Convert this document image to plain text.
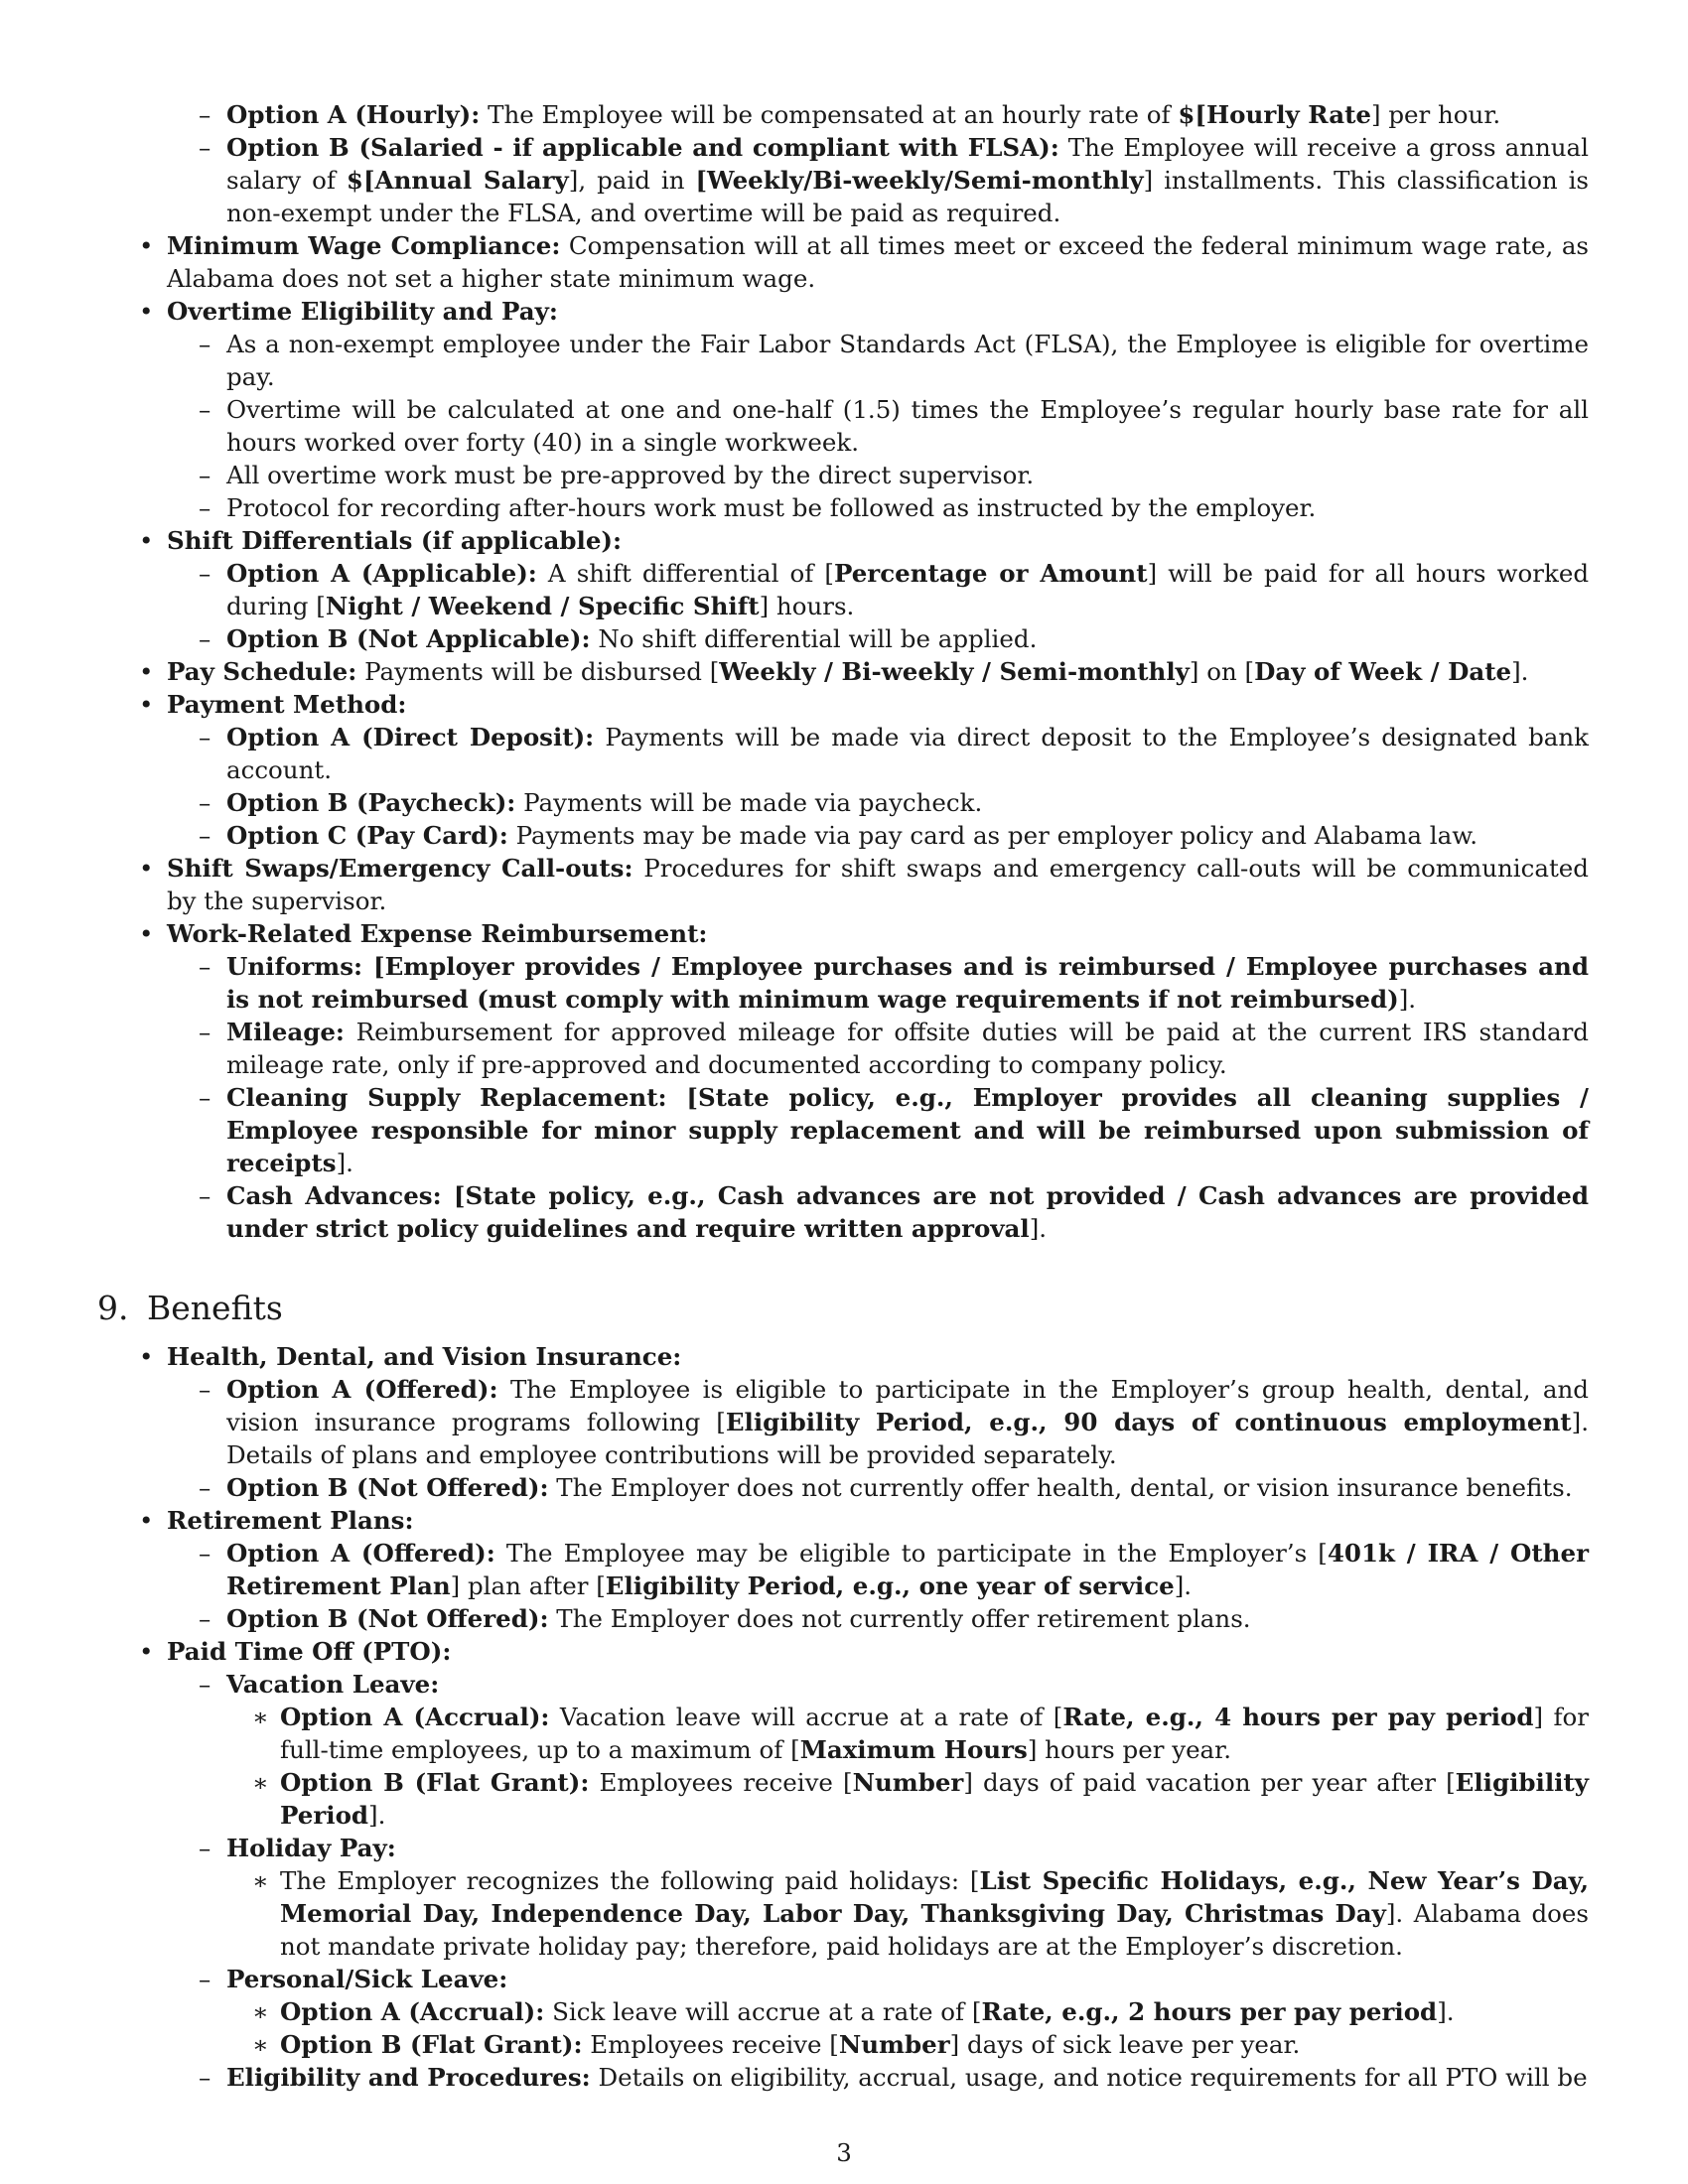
– Option A (Hourly): The Employee will be compensated at an hourly rate of $[Hourly Rate] per hour.
– Option B (Salaried - if applicable and compliant with FLSA): The Employee will receive a gross annual salary of $[Annual Salary], paid in [Weekly/Bi-weekly/Semi-monthly] installments. This classification is non-exempt under the FLSA, and overtime will be paid as required.
• Minimum Wage Compliance: Compensation will at all times meet or exceed the federal minimum wage rate, as Alabama does not set a higher state minimum wage.
• Overtime Eligibility and Pay:
– As a non-exempt employee under the Fair Labor Standards Act (FLSA), the Employee is eligible for overtime pay.
– Overtime will be calculated at one and one-half (1.5) times the Employee’s regular hourly base rate for all hours worked over forty (40) in a single workweek.
– All overtime work must be pre-approved by the direct supervisor.
– Protocol for recording after-hours work must be followed as instructed by the employer.
• Shift Differentials (if applicable):
– Option A (Applicable): A shift differential of [Percentage or Amount] will be paid for all hours worked during [Night / Weekend / Specific Shift] hours.
– Option B (Not Applicable): No shift differential will be applied.
• Pay Schedule: Payments will be disbursed [Weekly / Bi-weekly / Semi-monthly] on [Day of Week / Date].
• Payment Method:
– Option A (Direct Deposit): Payments will be made via direct deposit to the Employee’s designated bank account.
– Option B (Paycheck): Payments will be made via paycheck.
– Option C (Pay Card): Payments may be made via pay card as per employer policy and Alabama law.
• Shift Swaps/Emergency Call-outs: Procedures for shift swaps and emergency call-outs will be communicated by the supervisor.
• Work-Related Expense Reimbursement:
– Uniforms: [Employer provides / Employee purchases and is reimbursed / Employee purchases and is not reimbursed (must comply with minimum wage requirements if not reimbursed)].
– Mileage: Reimbursement for approved mileage for offsite duties will be paid at the current IRS standard mileage rate, only if pre-approved and documented according to company policy.
– Cleaning Supply Replacement: [State policy, e.g., Employer provides all cleaning supplies / Employee responsible for minor supply replacement and will be reimbursed upon submission of receipts].
– Cash Advances: [State policy, e.g., Cash advances are not provided / Cash advances are provided under strict policy guidelines and require written approval].
9. Benefits
• Health, Dental, and Vision Insurance:
– Option A (Offered): The Employee is eligible to participate in the Employer’s group health, dental, and vision insurance programs following [Eligibility Period, e.g., 90 days of continuous employment]. Details of plans and employee contributions will be provided separately.
– Option B (Not Offered): The Employer does not currently offer health, dental, or vision insurance benefits.
• Retirement Plans:
– Option A (Offered): The Employee may be eligible to participate in the Employer’s [401k / IRA / Other Retirement Plan] plan after [Eligibility Period, e.g., one year of service].
– Option B (Not Offered): The Employer does not currently offer retirement plans.
• Paid Time Off (PTO):
– Vacation Leave:
∗ Option A (Accrual): Vacation leave will accrue at a rate of [Rate, e.g., 4 hours per pay period] for full-time employees, up to a maximum of [Maximum Hours] hours per year.
∗ Option B (Flat Grant): Employees receive [Number] days of paid vacation per year after [Eligibility Period].
– Holiday Pay:
∗ The Employer recognizes the following paid holidays: [List Specific Holidays, e.g., New Year’s Day, Memorial Day, Independence Day, Labor Day, Thanksgiving Day, Christmas Day]. Alabama does not mandate private holiday pay; therefore, paid holidays are at the Employer’s discretion.
– Personal/Sick Leave:
∗ Option A (Accrual): Sick leave will accrue at a rate of [Rate, e.g., 2 hours per pay period].
∗ Option B (Flat Grant): Employees receive [Number] days of sick leave per year.
– Eligibility and Procedures: Details on eligibility, accrual, usage, and notice requirements for all PTO will be
3
